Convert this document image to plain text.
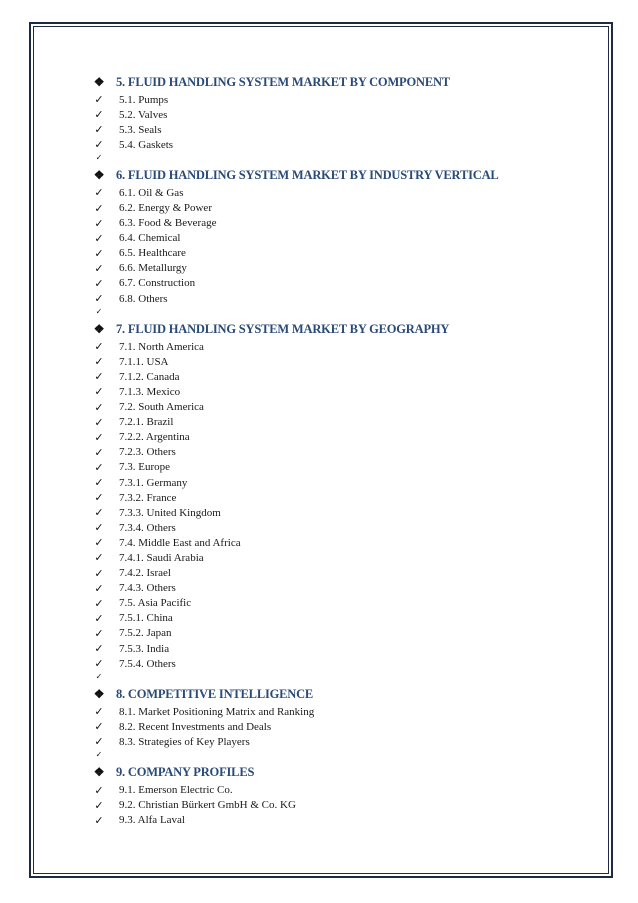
❖ 5. FLUID HANDLING SYSTEM MARKET BY COMPONENT
✓ 5.1. Pumps
✓ 5.2. Valves
✓ 5.3. Seals
✓ 5.4. Gaskets
✓
❖ 6. FLUID HANDLING SYSTEM MARKET BY INDUSTRY VERTICAL
✓ 6.1. Oil & Gas
✓ 6.2. Energy & Power
✓ 6.3. Food & Beverage
✓ 6.4. Chemical
✓ 6.5. Healthcare
✓ 6.6. Metallurgy
✓ 6.7. Construction
✓ 6.8. Others
✓
❖ 7. FLUID HANDLING SYSTEM MARKET BY GEOGRAPHY
✓ 7.1. North America
✓ 7.1.1. USA
✓ 7.1.2. Canada
✓ 7.1.3. Mexico
✓ 7.2. South America
✓ 7.2.1. Brazil
✓ 7.2.2. Argentina
✓ 7.2.3. Others
✓ 7.3. Europe
✓ 7.3.1. Germany
✓ 7.3.2. France
✓ 7.3.3. United Kingdom
✓ 7.3.4. Others
✓ 7.4. Middle East and Africa
✓ 7.4.1. Saudi Arabia
✓ 7.4.2. Israel
✓ 7.4.3. Others
✓ 7.5. Asia Pacific
✓ 7.5.1. China
✓ 7.5.2. Japan
✓ 7.5.3. India
✓ 7.5.4. Others
✓
❖ 8. COMPETITIVE INTELLIGENCE
✓ 8.1. Market Positioning Matrix and Ranking
✓ 8.2. Recent Investments and Deals
✓ 8.3. Strategies of Key Players
✓
❖ 9. COMPANY PROFILES
✓ 9.1. Emerson Electric Co.
✓ 9.2. Christian Bürkert GmbH & Co. KG
✓ 9.3. Alfa Laval
